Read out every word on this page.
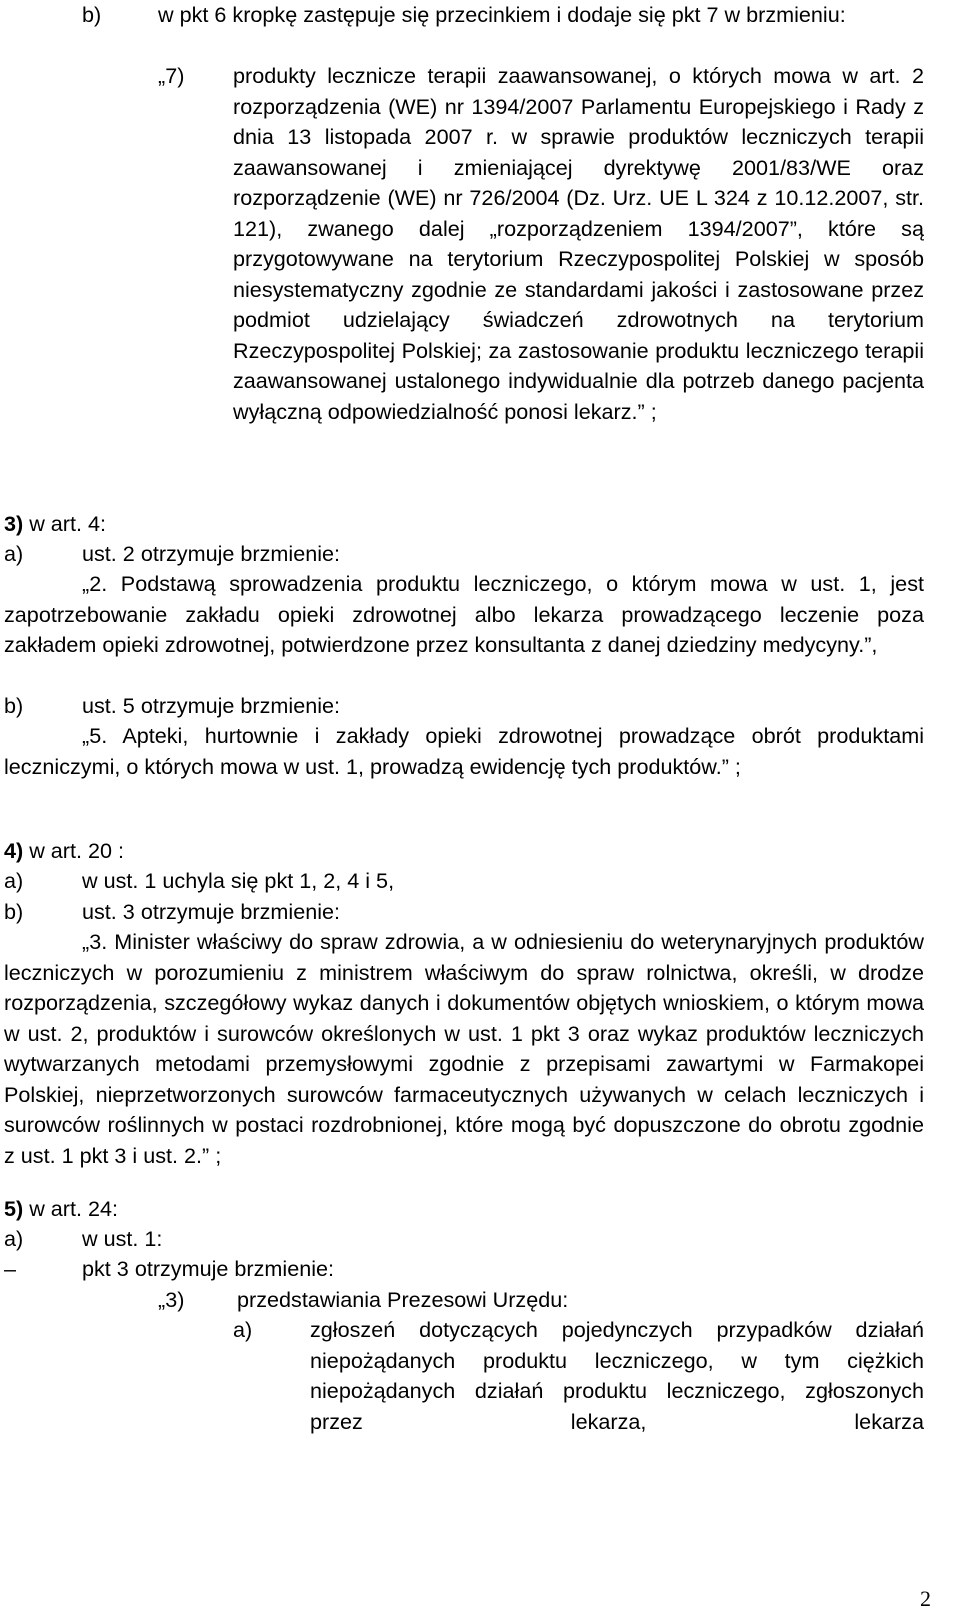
b)	w pkt 6 kropkę zastępuje się przecinkiem i dodaje się pkt 7 w brzmieniu:

„7) produkty lecznicze terapii zaawansowanej, o których mowa w art. 2 rozporządzenia (WE) nr 1394/2007 Parlamentu Europejskiego i Rady z dnia 13 listopada 2007 r. w sprawie produktów leczniczych terapii zaawansowanej i zmieniającej dyrektywę 2001/83/WE oraz rozporządzenie (WE) nr 726/2004 (Dz. Urz. UE L 324 z 10.12.2007, str. 121), zwanego dalej „rozporządzeniem 1394/2007”, które są przygotowywane na terytorium Rzeczypospolitej Polskiej w sposób niesystematyczny zgodnie ze standardami jakości i zastosowane przez podmiot udzielający świadczeń zdrowotnych na terytorium Rzeczypospolitej Polskiej; za zastosowanie produktu leczniczego terapii zaawansowanej ustalonego indywidualnie dla potrzeb danego pacjenta wyłączną odpowiedzialność ponosi lekarz.” ;

3) w art. 4:

a)	ust. 2 otrzymuje brzmienie:

„2. Podstawą sprowadzenia produktu leczniczego, o którym mowa w ust. 1, jest zapotrzebowanie zakładu opieki zdrowotnej albo lekarza prowadzącego leczenie poza zakładem opieki zdrowotnej, potwierdzone przez konsultanta z danej dziedziny medycyny.”,

b)	ust. 5 otrzymuje brzmienie:

„5. Apteki, hurtownie i zakłady opieki zdrowotnej prowadzące obrót produktami leczniczymi, o których mowa w ust. 1, prowadzą ewidencję tych produktów.” ;

4) w art. 20 :

a)	w ust. 1 uchyla się pkt 1, 2, 4 i 5,

b)	ust. 3 otrzymuje brzmienie:

„3. Minister właściwy do spraw zdrowia, a w odniesieniu do weterynaryjnych produktów leczniczych w porozumieniu z ministrem właściwym do spraw rolnictwa, określi, w drodze rozporządzenia, szczegółowy wykaz danych i dokumentów objętych wnioskiem, o którym mowa w ust. 2, produktów i surowców określonych w ust. 1 pkt 3 oraz wykaz produktów leczniczych wytwarzanych metodami przemysłowymi zgodnie z przepisami zawartymi w Farmakopei Polskiej, nieprzetworzonych surowców farmaceutycznych używanych w celach leczniczych i surowców roślinnych w postaci rozdrobnionej, które mogą być dopuszczone do obrotu zgodnie z ust. 1 pkt 3 i ust. 2.” ;

5) w art. 24:

a)	w ust. 1:

–	pkt 3 otrzymuje brzmienie:

„3) przedstawiania Prezesowi Urzędu:

a)	zgłoszeń dotyczących pojedynczych przypadków działań niepożądanych produktu leczniczego, w tym ciężkich niepożądanych działań produktu leczniczego, zgłoszonych przez lekarza, lekarza

2
